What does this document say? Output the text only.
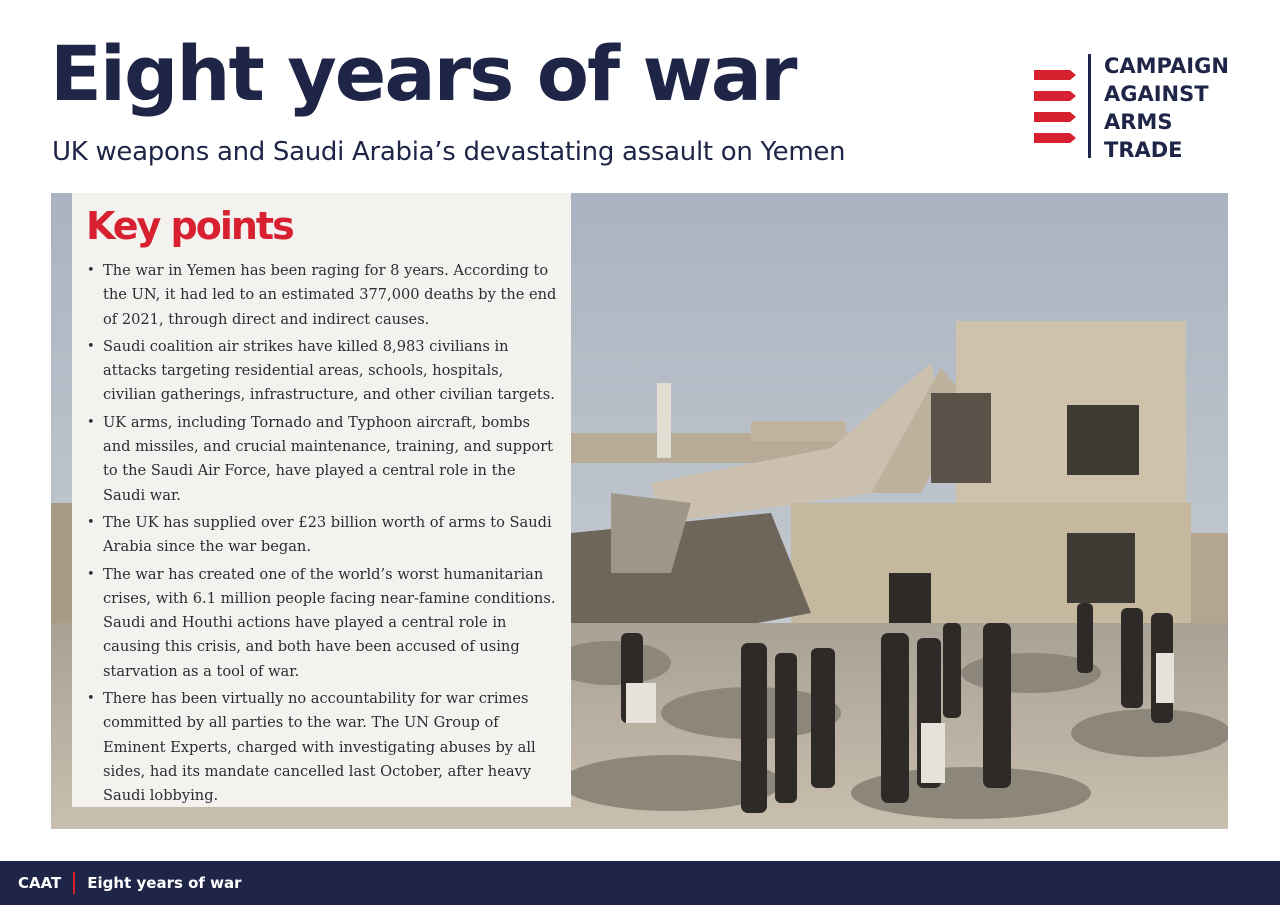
Eight years of war
UK weapons and Saudi Arabia’s devastating assault on Yemen
CAMPAIGN
AGAINST
ARMS
TRADE
Key points
• The war in Yemen has been raging for 8 years. According to the UN, it had led to an estimated 377,000 deaths by the end of 2021, through direct and indirect causes.
• Saudi coalition air strikes have killed 8,983 civilians in attacks targeting residential areas, schools, hospitals, civilian gatherings, infrastructure, and other civilian targets.
• UK arms, including Tornado and Typhoon aircraft, bombs and missiles, and crucial maintenance, training, and support to the Saudi Air Force, have played a central role in the Saudi war.
• The UK has supplied over £23 billion worth of arms to Saudi Arabia since the war began.
• The war has created one of the world’s worst humanitarian crises, with 6.1 million people facing near-famine conditions. Saudi and Houthi actions have played a central role in causing this crisis, and both have been accused of using starvation as a tool of war.
• There has been virtually no accountability for war crimes committed by all parties to the war. The UN Group of Eminent Experts, charged with investigating abuses by all sides, had its mandate cancelled last October, after heavy Saudi lobbying.
CAAT Eight years of war
